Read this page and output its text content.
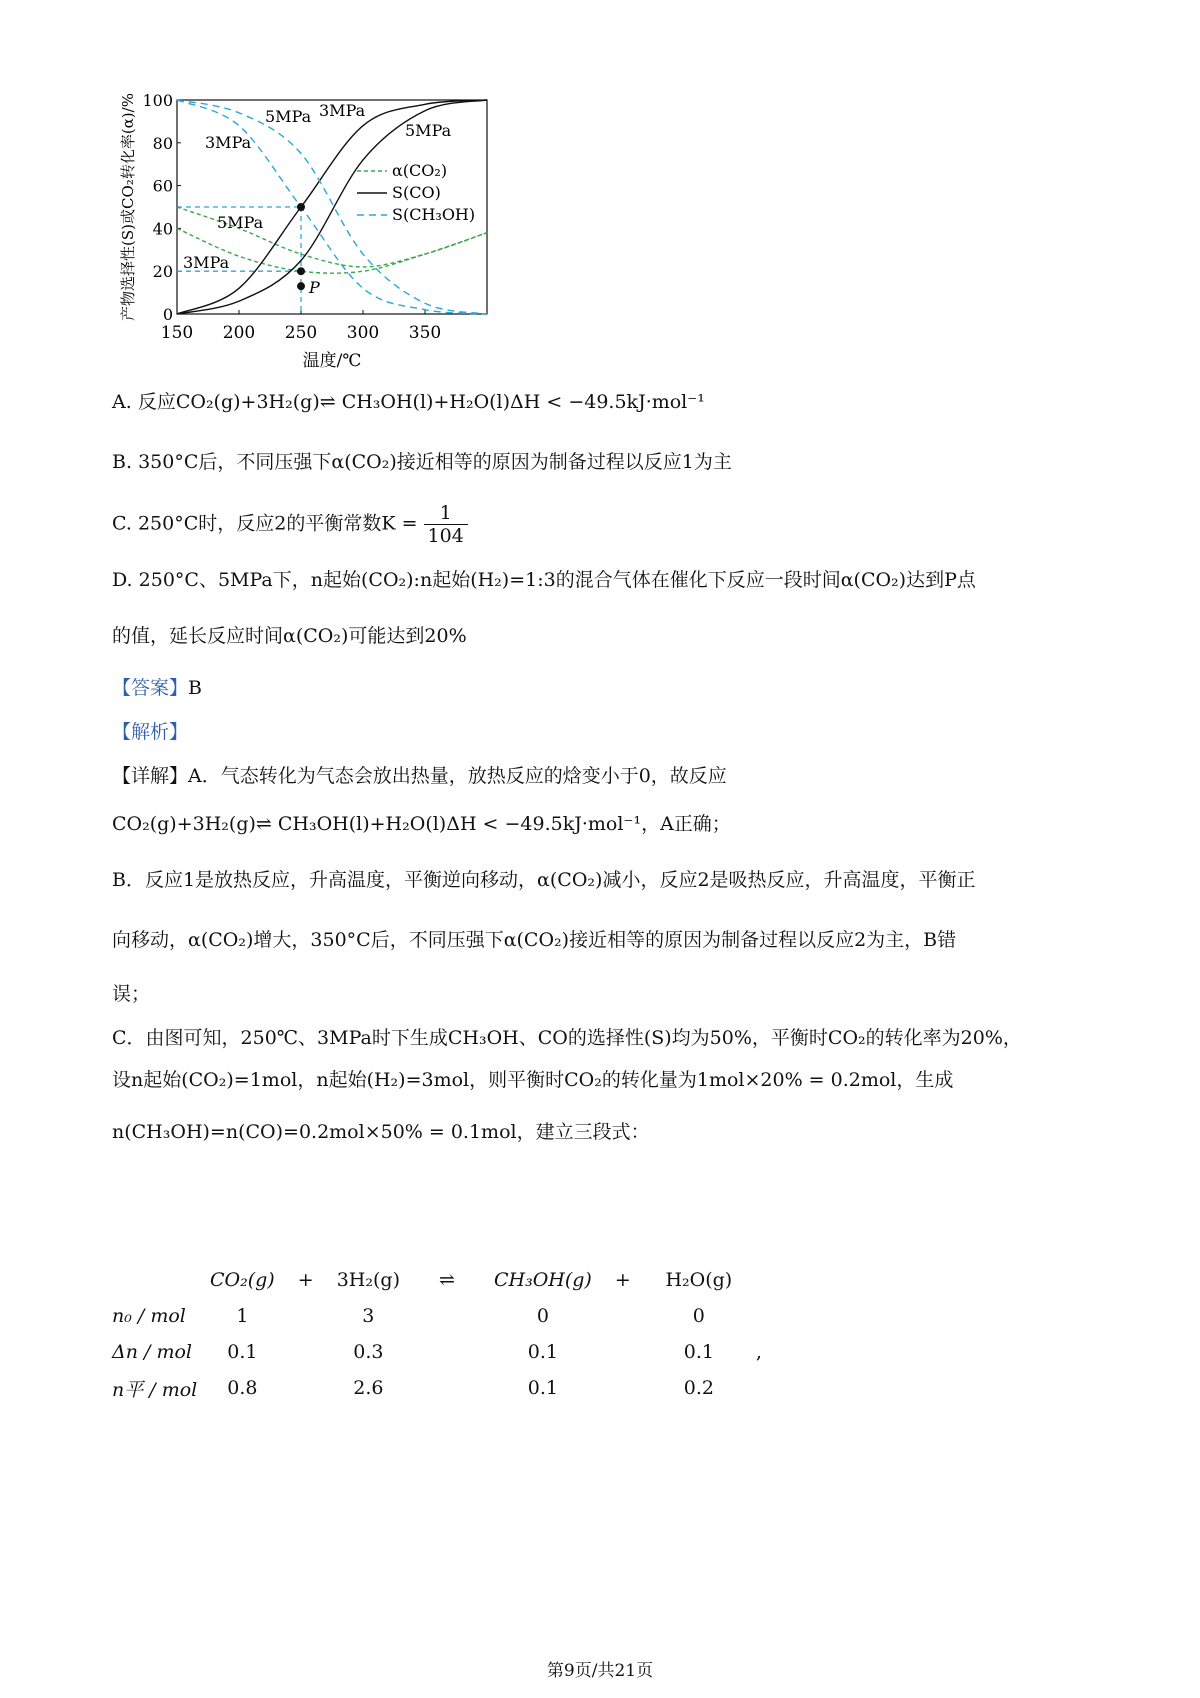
150 200 250 300 350
0
20
40
60
80
100
温度/℃
产物选择性(S)或CO₂转化率(α)/%	P
5MPa 3MPa
3MPa
5MPa
5MPa
3MPa
α(CO₂)
S(CO)
S(CH₃OH)
A. 反应CO₂(g)+3H₂(g)⇌ CH₃OH(l)+H₂O(l)ΔH < −49.5kJ·mol⁻¹
B. 350°C后，不同压强下α(CO₂)接近相等的原因为制备过程以反应1为主
C. 250°C时，反应2的平衡常数$K = \frac{1}{104}$
D. 250°C、5MPa下，n起始(CO₂):n起始(H₂)=1:3的混合气体在催化下反应一段时间α(CO₂)达到P点
的值，延长反应时间α(CO₂)可能达到20%
【答案】B
【解析】
【详解】A．气态转化为气态会放出热量，放热反应的焓变小于0，故反应
CO₂(g)+3H₂(g)⇌ CH₃OH(l)+H₂O(l)ΔH < −49.5kJ·mol⁻¹，A正确；
B．反应1是放热反应，升高温度，平衡逆向移动，α(CO₂)减小，反应2是吸热反应，升高温度，平衡正
向移动，α(CO₂)增大，350°C后，不同压强下α(CO₂)接近相等的原因为制备过程以反应2为主，B错
误；
C．由图可知，250℃、3MPa时下生成CH₃OH、CO的选择性(S)均为50%，平衡时CO₂的转化率为20%，
设n起始(CO₂)=1mol，n起始(H₂)=3mol，则平衡时CO₂的转化量为1mol×20% = 0.2mol，生成
n(CH₃OH)=n(CO)=0.2mol×50% = 0.1mol，建立三段式：
	CO₂(g)	+	3H₂(g)	⇌	CH₃OH(g)	+	H₂O(g)	
n₀ / mol	1		3		0		0	
Δn / mol	0.1		0.3		0.1		0.1	,
n平 / mol	0.8		2.6		0.1		0.2	
第9页/共21页
